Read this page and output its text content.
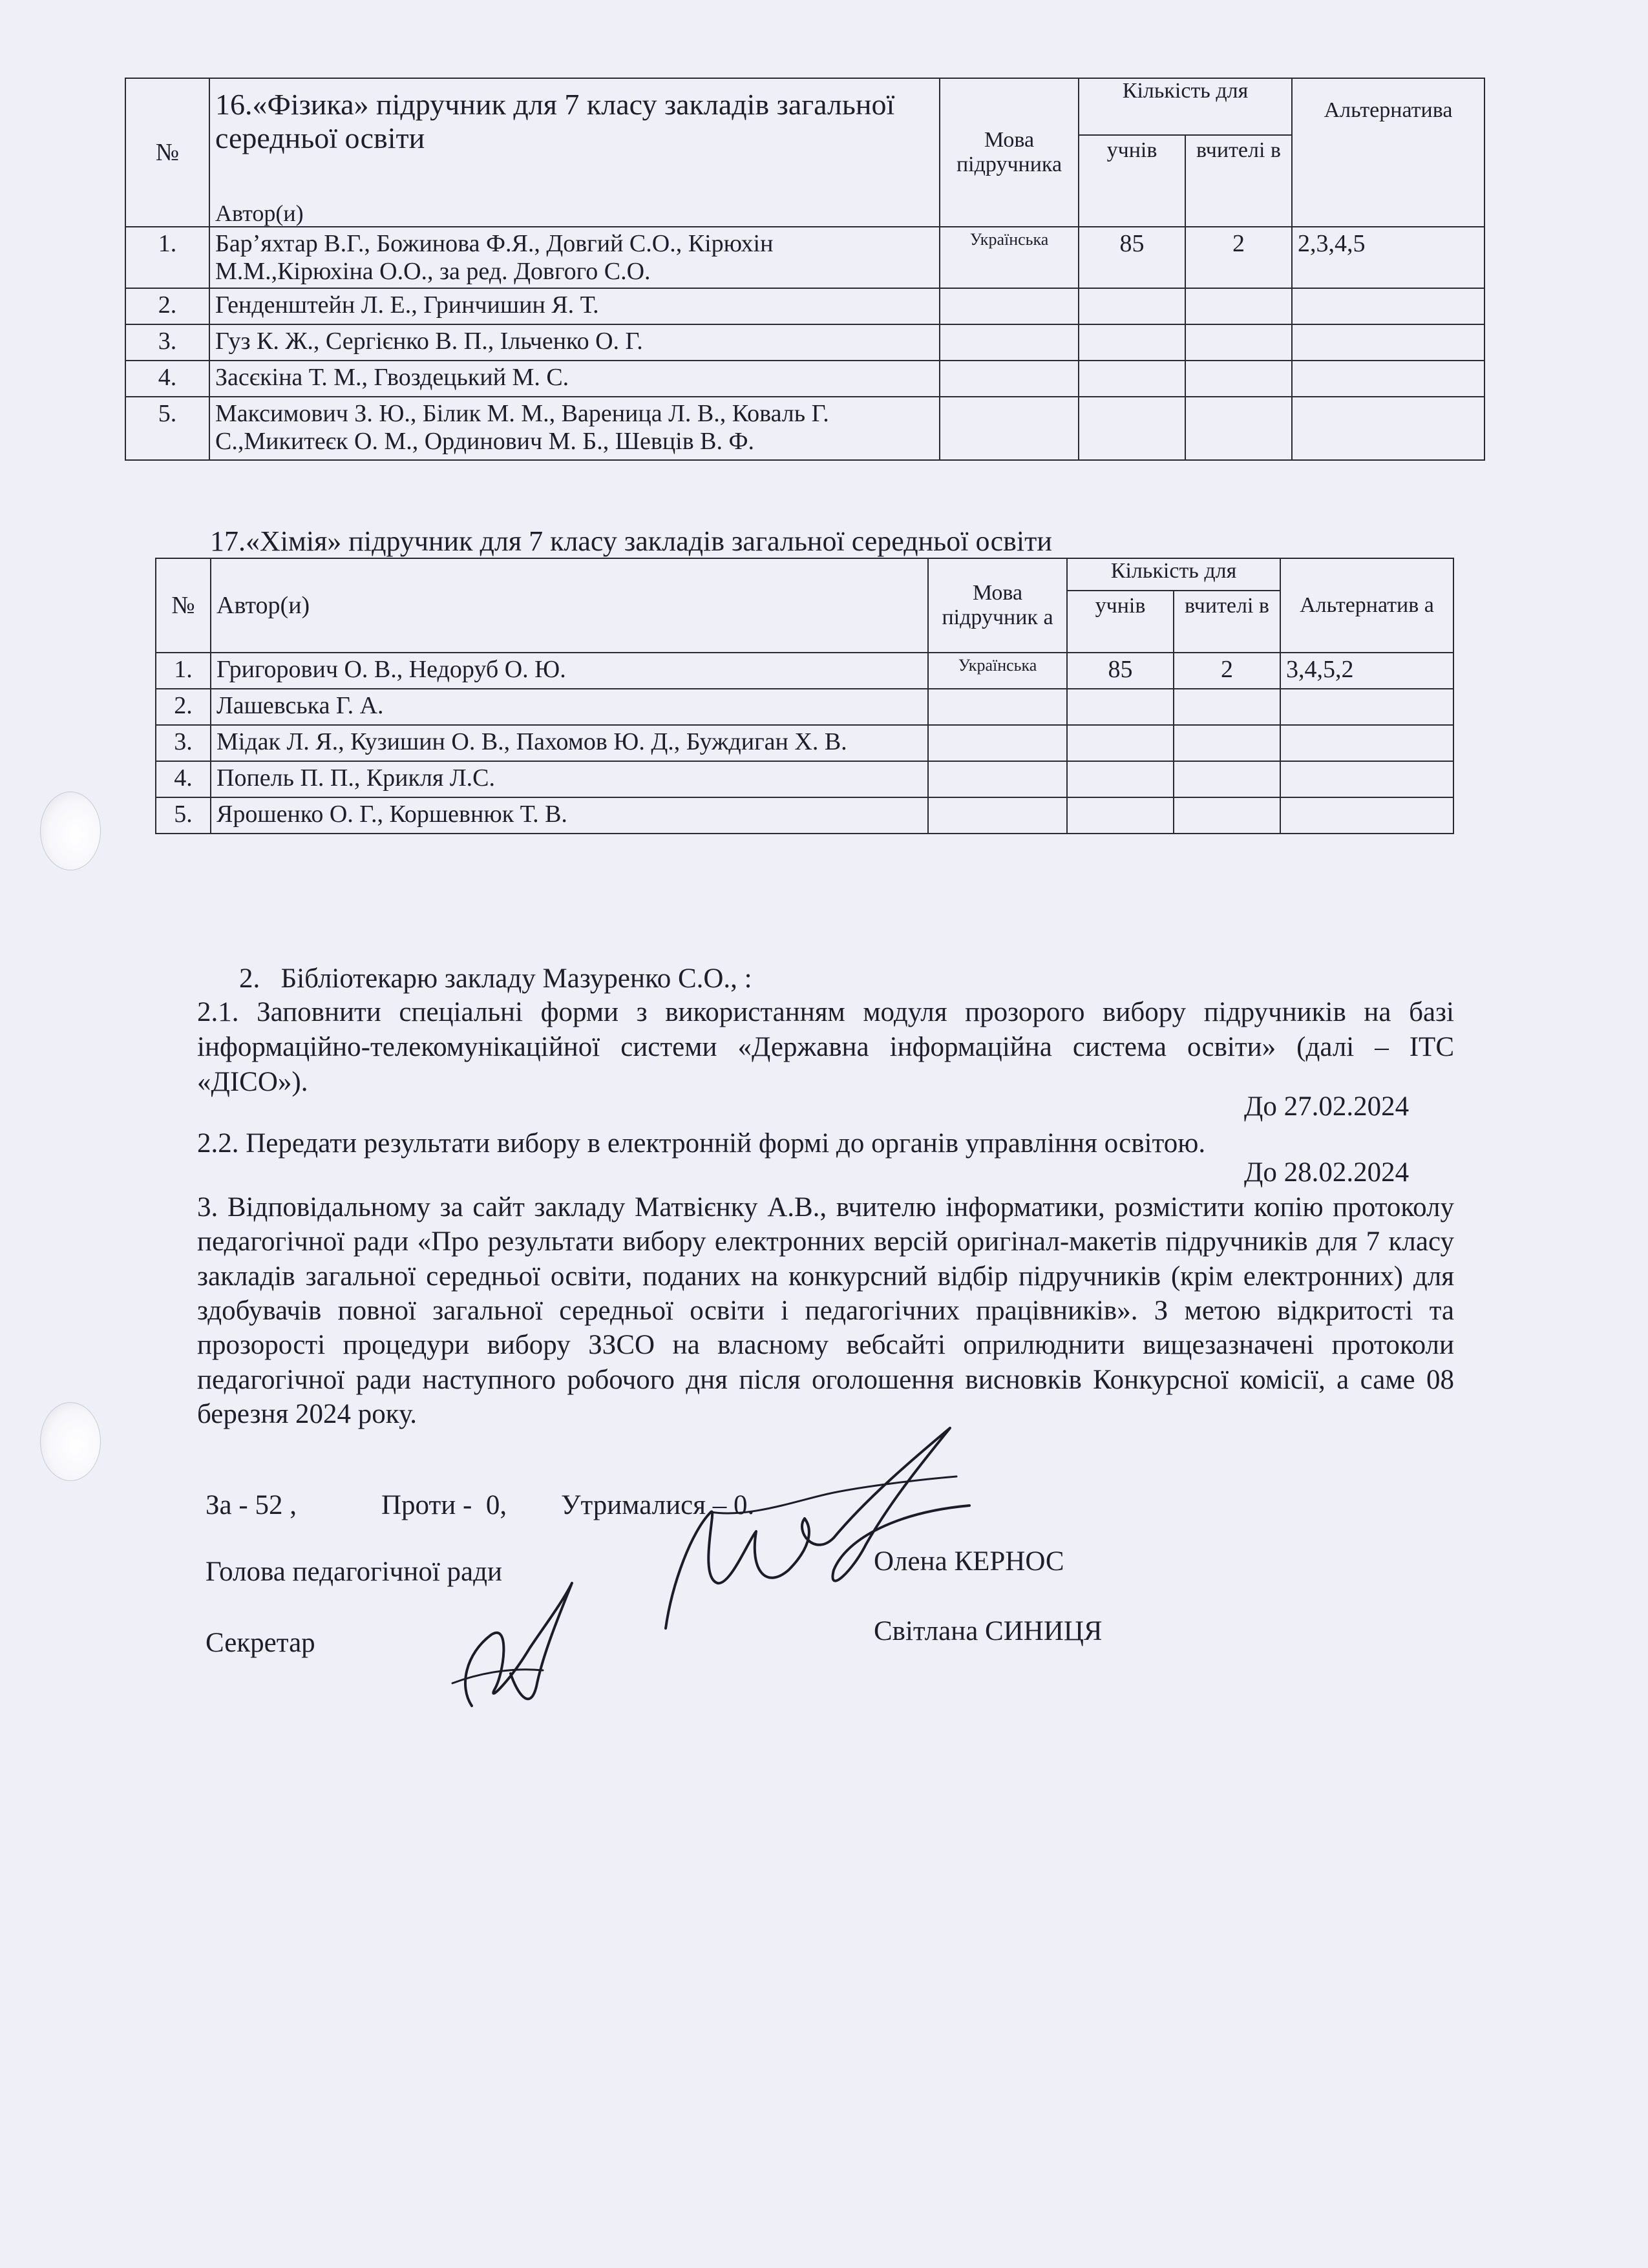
№	16.«Фізика» підручник для 7 класу закладів загальної середньої освіти
Автор(и)	Мова підручника	Кількість для		Альтернатива
			учнів	вчителі в	
1.	Бар’яхтар В.Г., Божинова Ф.Я., Довгий С.О., Кірюхін М.М.,Кірюхіна О.О., за ред. Довгого С.О.	Українська	85	2	2,3,4,5
2.	Генденштейн Л. Е., Гринчишин Я. Т.				
3.	Гуз К. Ж., Сергієнко В. П., Ільченко О. Г.				
4.	Засєкіна Т. М., Гвоздецький М. С.				
5.	Максимович З. Ю., Білик М. М., Вареница Л. В., Коваль Г. С.,Микитеєк О. М., Ординович М. Б., Шевців В. Ф.				
17.«Хімія» підручник для 7 класу закладів загальної середньої освіти
№	Автор(и)	Мова підручник а	Кількість для		Альтернатив а
			учнів	вчителі в	
1.	Григорович О. В., Недоруб О. Ю.	Українська	85	2	3,4,5,2
2.	Лашевська Г. А.				
3.	Мідак Л. Я., Кузишин О. В., Пахомов Ю. Д., Буждиган Х. В.				
4.	Попель П. П., Крикля Л.С.				
5.	Ярошенко О. Г., Коршевнюк Т. В.				
2.   Бібліотекарю закладу Мазуренко С.О., :
2.1. Заповнити спеціальні форми з використанням модуля прозорого вибору підручників на базі інформаційно-телекомунікаційної системи «Державна інформаційна система освіти» (далі – ІТС «ДІСО»).
До 27.02.2024
2.2. Передати результати вибору в електронній формі до органів управління освітою.
До 28.02.2024
3. Відповідальному за сайт закладу Матвієнку А.В., вчителю інформатики, розмістити копію протоколу педагогічної ради «Про результати вибору електронних версій оригінал-макетів підручників для 7 класу закладів загальної середньої освіти, поданих на конкурсний відбір підручників (крім електронних) для здобувачів повної загальної середньої освіти і педагогічних працівників». З метою відкритості та прозорості процедури вибору ЗЗСО на власному вебсайті оприлюднити вищезазначені протоколи педагогічної ради наступного робочого дня після оголошення висновків Конкурсної комісії, а саме 08 березня 2024 року.
За - 52 ,	Проти -  0, Утрималися – 0.
Голова педагогічної ради	Олена КЕРНОС
Секретар	Світлана СИНИЦЯ
